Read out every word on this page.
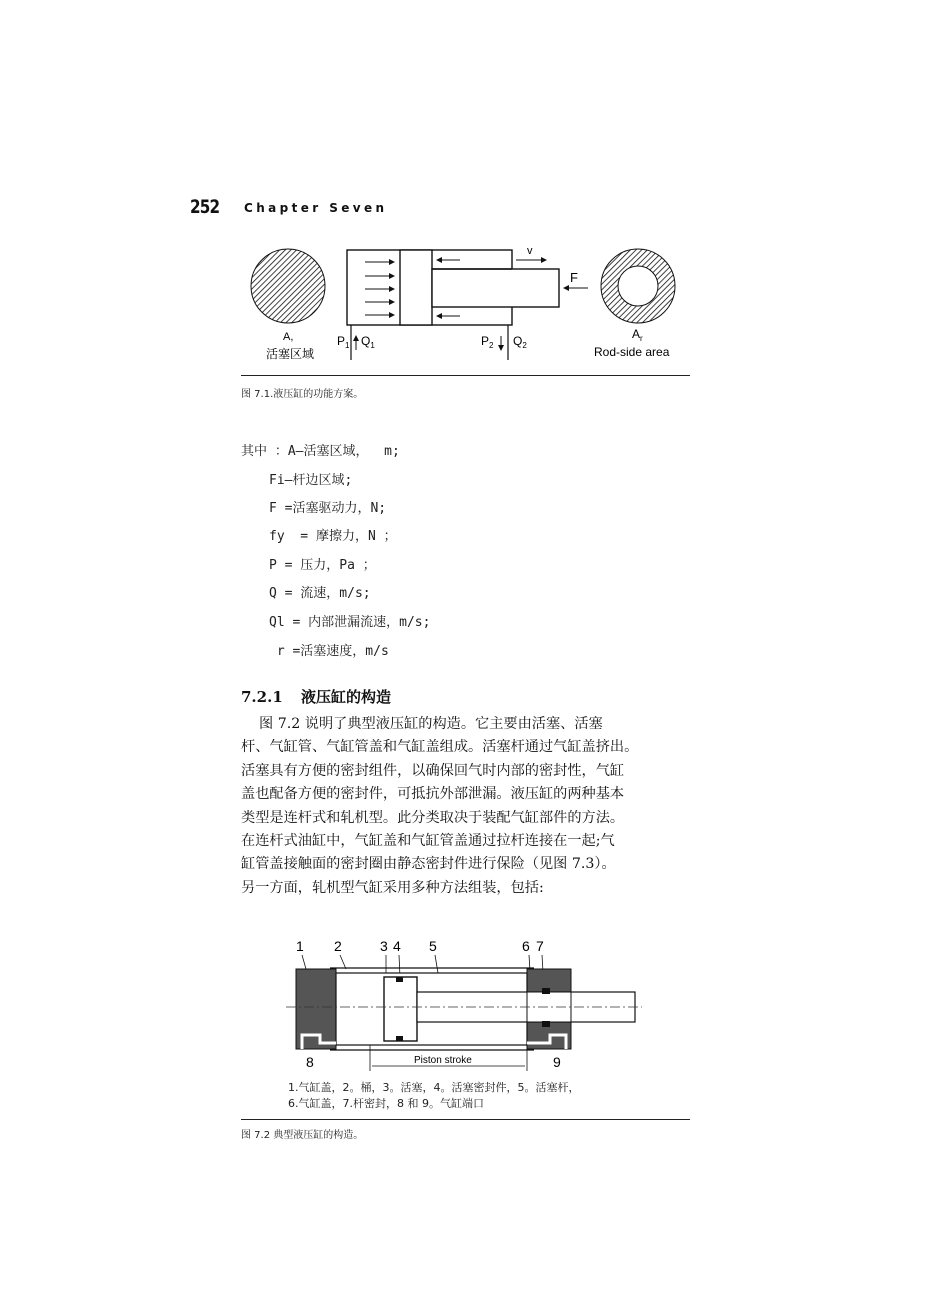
252 Chapter Seven
A,
活塞区域
v
F
$P_1$ $Q_1$	$P_2$ $Q_2$
$A_r$
Rod-side area
图 7.1.液压缸的功能方案。
其中 ：A—活塞区域，  m;
Fi—杆边区域;
F =活塞驱动力，N;
fy  = 摩擦力，N ；
P = 压力，Pa ；
Q = 流速，m/s;
Ql = 内部泄漏流速，m/s;
r =活塞速度，m/s
7.2.1 液压缸的构造

图 7.2 说明了典型液压缸的构造。它主要由活塞、活塞

杆、气缸管、气缸管盖和气缸盖组成。活塞杆通过气缸盖挤出。

活塞具有方便的密封组件，以确保回气时内部的密封性，气缸

盖也配备方便的密封件，可抵抗外部泄漏。液压缸的两种基本

类型是连杆式和轧机型。此分类取决于装配气缸部件的方法。

在连杆式油缸中，气缸盖和气缸管盖通过拉杆连接在一起;气

缸管盖接触面的密封圈由静态密封件进行保险（见图 7.3）。

另一方面，轧机型气缸采用多种方法组装，包括:

1 2	3 4 5	6 7
Piston stroke
8	9
1.气缸盖，2。桶，3。活塞，4。活塞密封件，5。活塞杆，
6.气缸盖，7.杆密封，8 和 9。气缸端口
图 7.2 典型液压缸的构造。
